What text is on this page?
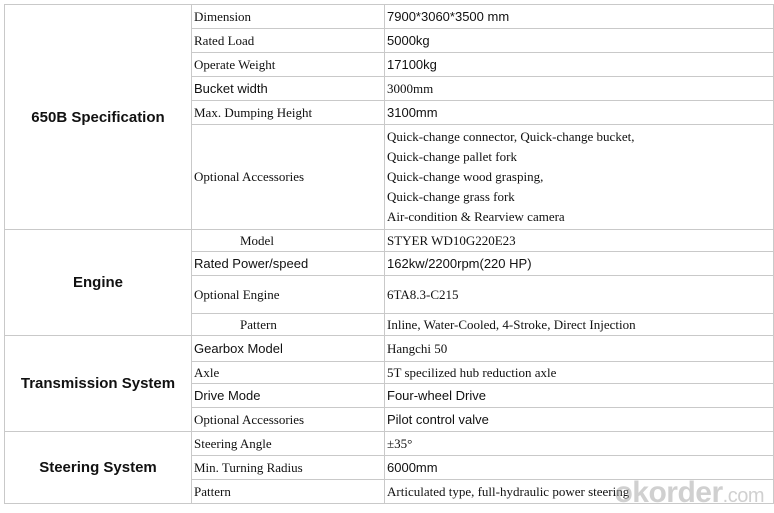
650B Specification	Dimension	7900*3060*3500 mm
	Rated Load	5000kg
	Operate Weight	17100kg
	Bucket width	3000mm
	Max. Dumping Height	3100mm
	Optional Accessories	Quick-change connector, Quick-change bucket,
Quick-change pallet fork
Quick-change wood grasping,
Quick-change grass fork
Air-condition & Rearview camera

Engine	Model	STYER WD10G220E23
	Rated Power/speed	162kw/2200rpm(220 HP)
	Optional Engine	6TA8.3-C215
	Pattern	Inline, Water-Cooled, 4-Stroke, Direct Injection
Transmission System	Gearbox Model	Hangchi 50
	Axle	5T specilized hub reduction axle
	Drive Mode	Four-wheel Drive
	Optional Accessories	Pilot control valve
Steering System	Steering Angle	±35°
	Min. Turning Radius	6000mm
	Pattern	Articulated type, full-hydraulic power steering
okorder.com
